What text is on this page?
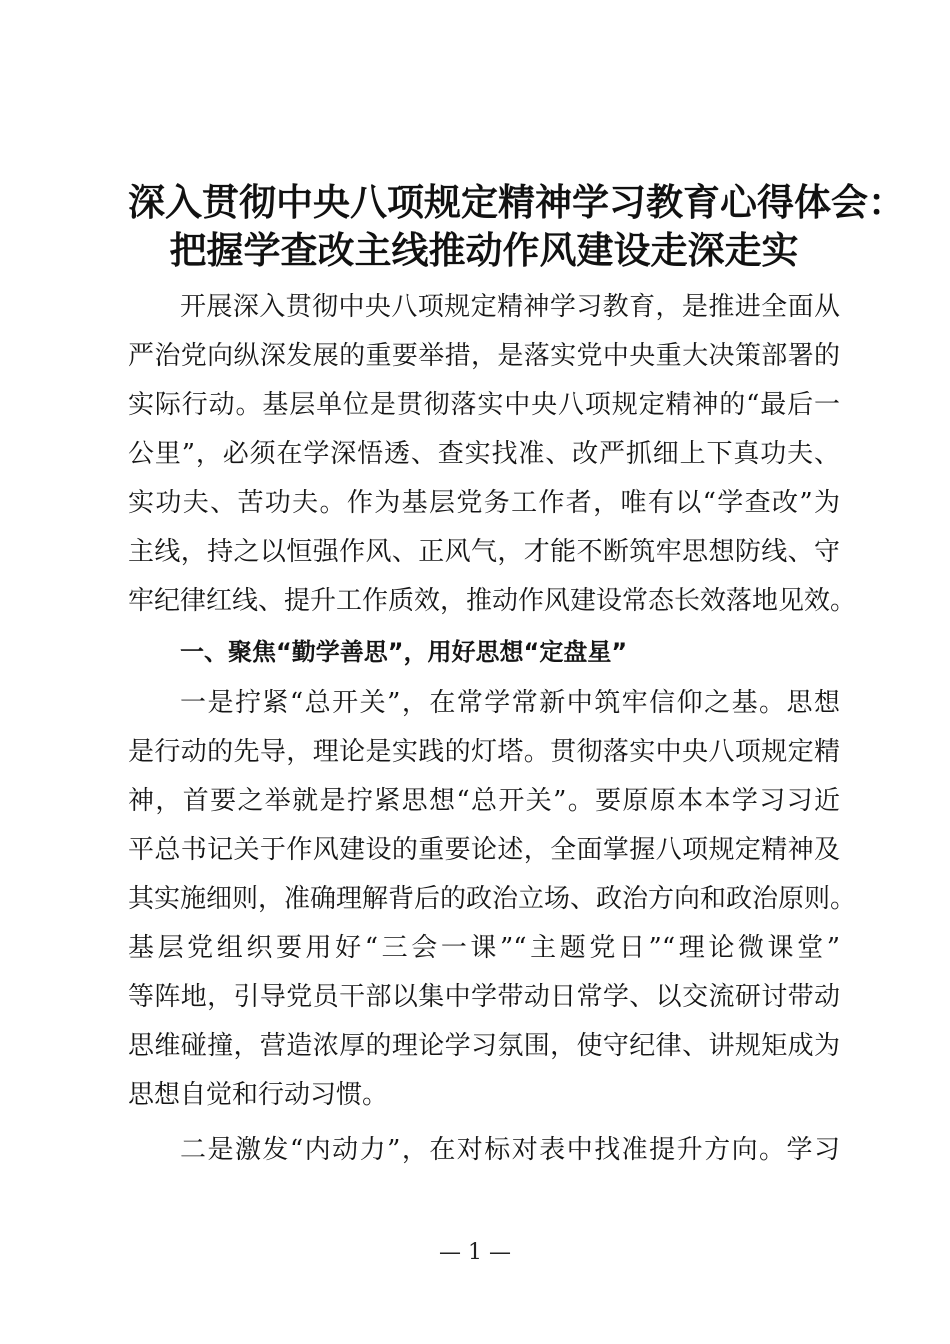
深入贯彻中央八项规定精神学习教育心得体会：
把握学查改主线推动作风建设走深走实
开展深入贯彻中央八项规定精神学习教育，是推进全面从
严治党向纵深发展的重要举措，是落实党中央重大决策部署的
实际行动。基层单位是贯彻落实中央八项规定精神的“最后一
公里”，必须在学深悟透、查实找准、改严抓细上下真功夫、
实功夫、苦功夫。作为基层党务工作者，唯有以“学查改”为
主线，持之以恒强作风、正风气，才能不断筑牢思想防线、守
牢纪律红线、提升工作质效，推动作风建设常态长效落地见效。
一、聚焦“勤学善思”，用好思想“定盘星”
一是拧紧“总开关”，在常学常新中筑牢信仰之基。思想
是行动的先导，理论是实践的灯塔。贯彻落实中央八项规定精
神，首要之举就是拧紧思想“总开关”。要原原本本学习习近
平总书记关于作风建设的重要论述，全面掌握八项规定精神及
其实施细则，准确理解背后的政治立场、政治方向和政治原则。
基层党组织要用好“三会一课”“主题党日”“理论微课堂”
等阵地，引导党员干部以集中学带动日常学、以交流研讨带动
思维碰撞，营造浓厚的理论学习氛围，使守纪律、讲规矩成为
思想自觉和行动习惯。
二是激发“内动力”，在对标对表中找准提升方向。学习
— 1 —
